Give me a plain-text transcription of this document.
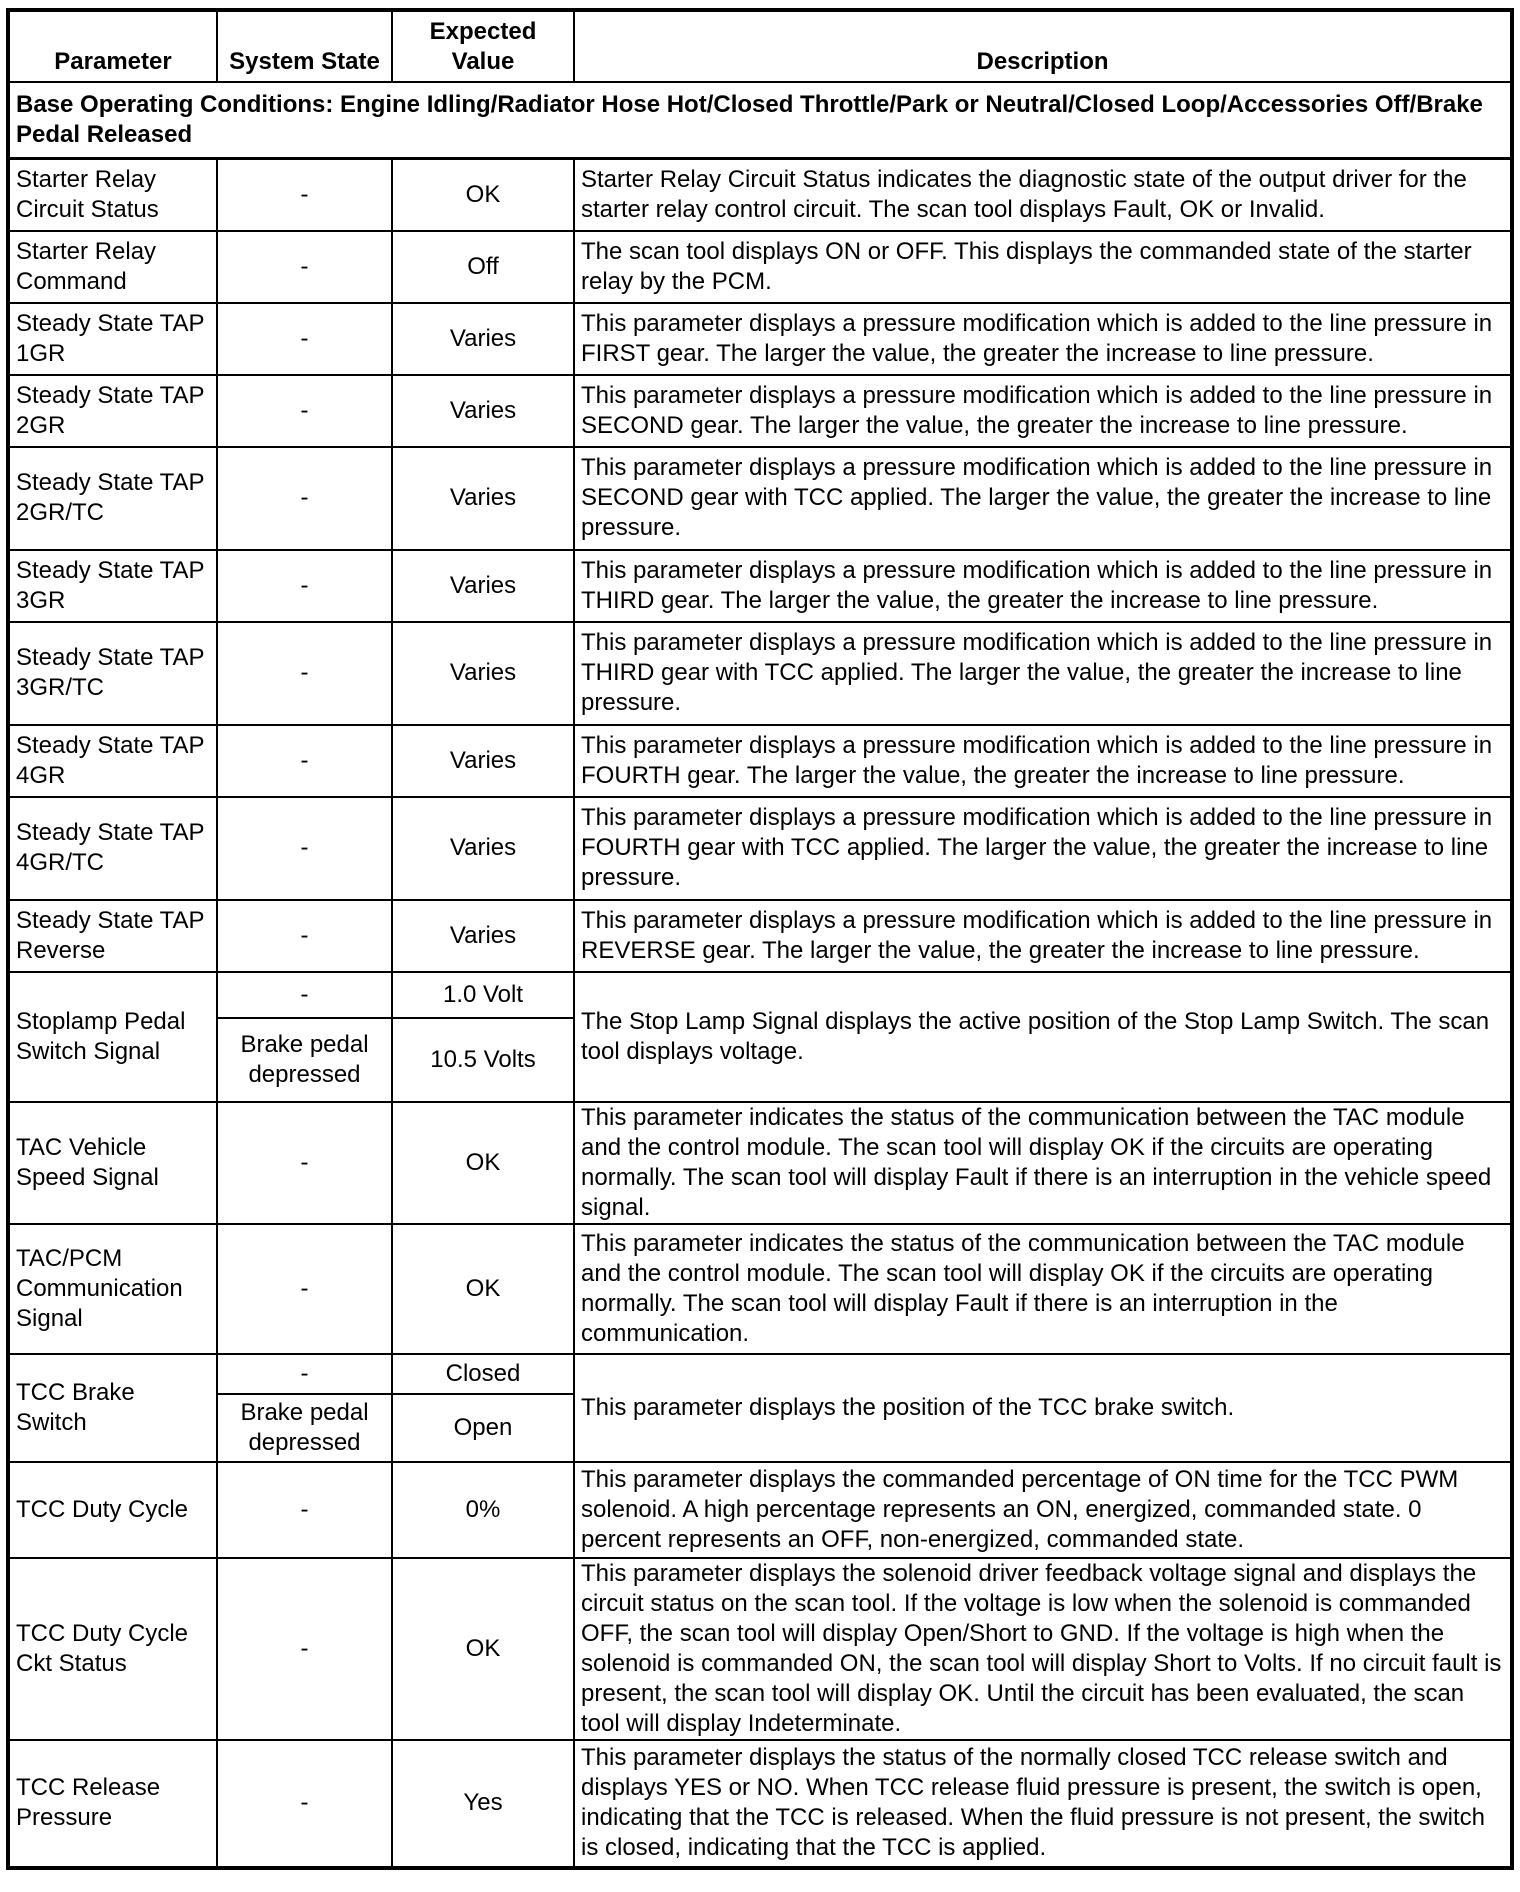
Parameter	System State	Expected Value	Description
Base Operating Conditions: Engine Idling/Radiator Hose Hot/Closed Throttle/Park or Neutral/Closed Loop/Accessories Off/Brake Pedal Released			
Starter Relay Circuit Status	-	OK	Starter Relay Circuit Status indicates the diagnostic state of the output driver for the starter relay control circuit. The scan tool displays Fault, OK or Invalid.
Starter Relay Command	-	Off	The scan tool displays ON or OFF. This displays the commanded state of the starter relay by the PCM.
Steady State TAP 1GR	-	Varies	This parameter displays a pressure modification which is added to the line pressure in FIRST gear. The larger the value, the greater the increase to line pressure.
Steady State TAP 2GR	-	Varies	This parameter displays a pressure modification which is added to the line pressure in SECOND gear. The larger the value, the greater the increase to line pressure.
Steady State TAP 2GR/TC	-	Varies	This parameter displays a pressure modification which is added to the line pressure in SECOND gear with TCC applied. The larger the value, the greater the increase to line pressure.
Steady State TAP 3GR	-	Varies	This parameter displays a pressure modification which is added to the line pressure in THIRD gear. The larger the value, the greater the increase to line pressure.
Steady State TAP 3GR/TC	-	Varies	This parameter displays a pressure modification which is added to the line pressure in THIRD gear with TCC applied. The larger the value, the greater the increase to line pressure.
Steady State TAP 4GR	-	Varies	This parameter displays a pressure modification which is added to the line pressure in FOURTH gear. The larger the value, the greater the increase to line pressure.
Steady State TAP 4GR/TC	-	Varies	This parameter displays a pressure modification which is added to the line pressure in FOURTH gear with TCC applied. The larger the value, the greater the increase to line pressure.
Steady State TAP Reverse	-	Varies	This parameter displays a pressure modification which is added to the line pressure in REVERSE gear. The larger the value, the greater the increase to line pressure.
Stoplamp Pedal Switch Signal	-	1.0 Volt	The Stop Lamp Signal displays the active position of the Stop Lamp Switch. The scan tool displays voltage.
	Brake pedal depressed	10.5 Volts	
TAC Vehicle Speed Signal	-	OK	This parameter indicates the status of the communication between the TAC module and the control module. The scan tool will display OK if the circuits are operating normally. The scan tool will display Fault if there is an interruption in the vehicle speed signal.
TAC/PCM Communication Signal	-	OK	This parameter indicates the status of the communication between the TAC module and the control module. The scan tool will display OK if the circuits are operating normally. The scan tool will display Fault if there is an interruption in the communication.
TCC Brake Switch	-	Closed	This parameter displays the position of the TCC brake switch.
	Brake pedal depressed	Open	
TCC Duty Cycle	-	0%	This parameter displays the commanded percentage of ON time for the TCC PWM solenoid. A high percentage represents an ON, energized, commanded state. 0 percent represents an OFF, non-energized, commanded state.
TCC Duty Cycle Ckt Status	-	OK	This parameter displays the solenoid driver feedback voltage signal and displays the circuit status on the scan tool. If the voltage is low when the solenoid is commanded OFF, the scan tool will display Open/Short to GND. If the voltage is high when the solenoid is commanded ON, the scan tool will display Short to Volts. If no circuit fault is present, the scan tool will display OK. Until the circuit has been evaluated, the scan tool will display Indeterminate.
TCC Release Pressure	-	Yes	This parameter displays the status of the normally closed TCC release switch and displays YES or NO. When TCC release fluid pressure is present, the switch is open, indicating that the TCC is released. When the fluid pressure is not present, the switch is closed, indicating that the TCC is applied.
